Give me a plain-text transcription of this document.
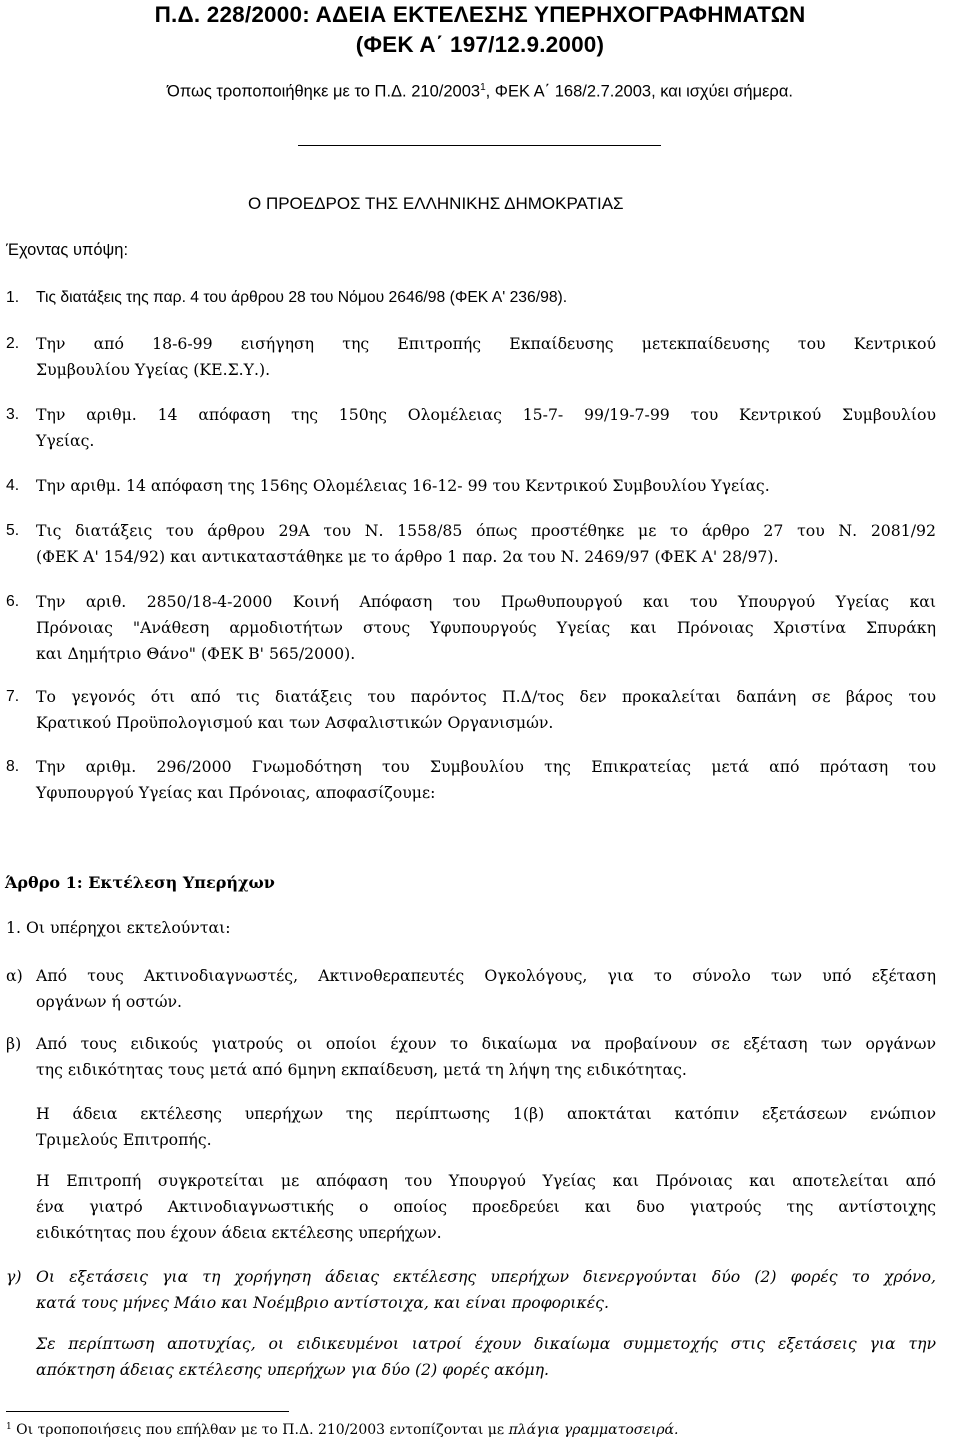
Π.Δ. 228/2000: ΑΔΕΙΑ ΕΚΤΕΛΕΣΗΣ ΥΠΕΡΗΧΟΓΡΑΦΗΜΑΤΩΝ
(ΦΕΚ Α΄ 197/12.9.2000)
Όπως τροποποιήθηκε με το Π.Δ. 210/2003$^1$, ΦΕΚ Α΄ 168/2.7.2003, και ισχύει σήμερα.
Ο ΠΡΟΕΔΡΟΣ ΤΗΣ ΕΛΛΗΝΙΚΗΣ ΔΗΜΟΚΡΑΤΙΑΣ
Έχοντας υπόψη:
1. Τις διατάξεις της παρ. 4 του άρθρου 28 του Νόμου 2646/98 (ΦΕΚ Α' 236/98).
2. Την από 18-6-99 εισήγηση της Επιτροπής Εκπαίδευσης μετεκπαίδευσης του Κεντρικού
Συμβουλίου Υγείας (ΚΕ.Σ.Υ.).
3. Την αριθμ. 14 απόφαση της 150ης Ολομέλειας 15-7- 99/19-7-99 του Κεντρικού Συμβουλίου
Υγείας.
4. Την αριθμ. 14 απόφαση της 156ης Ολομέλειας 16-12- 99 του Κεντρικού Συμβουλίου Υγείας.
5. Τις διατάξεις του άρθρου 29Α του Ν. 1558/85 όπως προστέθηκε με το άρθρο 27 του Ν. 2081/92
(ΦΕΚ Α' 154/92) και αντικαταστάθηκε με το άρθρο 1 παρ. 2α του Ν. 2469/97 (ΦΕΚ Α' 28/97).
6. Την αριθ. 2850/18-4-2000 Κοινή Απόφαση του Πρωθυπουργού και του Υπουργού Υγείας και
Πρόνοιας "Ανάθεση αρμοδιοτήτων στους Υφυπουργούς Υγείας και Πρόνοιας Χριστίνα Σπυράκη
και Δημήτριο Θάνο" (ΦΕΚ Β' 565/2000).
7. Το γεγονός ότι από τις διατάξεις του παρόντος Π.Δ/τος δεν προκαλείται δαπάνη σε βάρος του
Κρατικού Προϋπολογισμού και των Ασφαλιστικών Οργανισμών.
8. Την αριθμ. 296/2000 Γνωμοδότηση του Συμβουλίου της Επικρατείας μετά από πρόταση του
Υφυπουργού Υγείας και Πρόνοιας, αποφασίζουμε:
Άρθρο 1: Εκτέλεση Υπερήχων
1. Οι υπέρηχοι εκτελούνται:
α) Από τους Ακτινοδιαγνωστές, Ακτινοθεραπευτές Ογκολόγους, για το σύνολο των υπό εξέταση
οργάνων ή οστών.
β) Από τους ειδικούς γιατρούς οι οποίοι έχουν το δικαίωμα να προβαίνουν σε εξέταση των οργάνων
της ειδικότητας τους μετά από 6μηνη εκπαίδευση, μετά τη λήψη της ειδικότητας.
Η άδεια εκτέλεσης υπερήχων της περίπτωσης 1(β) αποκτάται κατόπιν εξετάσεων ενώπιον
Τριμελούς Επιτροπής.
Η Επιτροπή συγκροτείται με απόφαση του Υπουργού Υγείας και Πρόνοιας και αποτελείται από
ένα γιατρό Ακτινοδιαγνωστικής ο οποίος προεδρεύει και δυο γιατρούς της αντίστοιχης
ειδικότητας που έχουν άδεια εκτέλεσης υπερήχων.
γ) Οι εξετάσεις για τη χορήγηση άδειας εκτέλεσης υπερήχων διενεργούνται δύο (2) φορές το χρόνο,
κατά τους μήνες Μάιο και Νοέμβριο αντίστοιχα, και είναι προφορικές.
Σε περίπτωση αποτυχίας, οι ειδικευμένοι ιατροί έχουν δικαίωμα συμμετοχής στις εξετάσεις για την
απόκτηση άδειας εκτέλεσης υπερήχων για δύο (2) φορές ακόμη.
$^1$ Οι τροποποιήσεις που επήλθαν με το Π.Δ. 210/2003 εντοπίζονται με πλάγια γραμματοσειρά.
